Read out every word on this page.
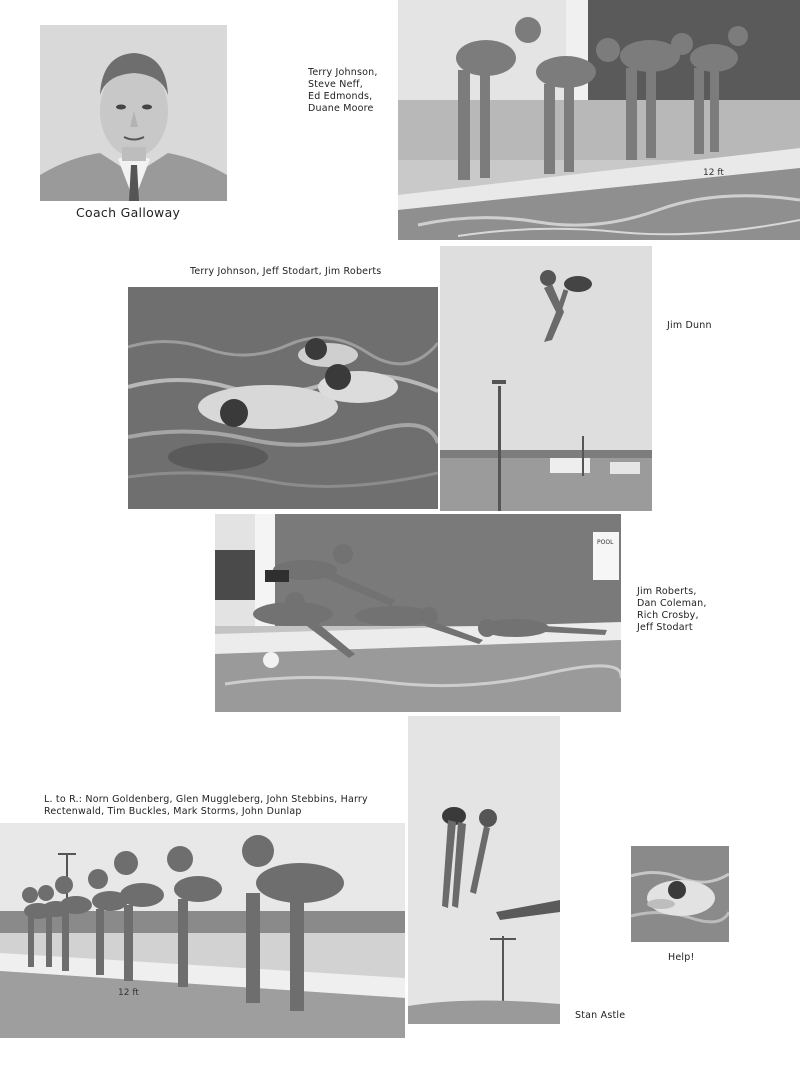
Coach Galloway
Terry Johnson,
Steve Neff,
Ed Edmonds,
Duane Moore
12 ft
Terry Johnson, Jeff Stodart, Jim Roberts
Jim Dunn
POOL
Jim Roberts,
Dan Coleman,
Rich Crosby,
Jeff Stodart
L. to R.: Norn Goldenberg, Glen Muggleberg, John Stebbins, Harry
Rectenwald, Tim Buckles, Mark Storms, John Dunlap
12 ft
Stan Astle
Help!
